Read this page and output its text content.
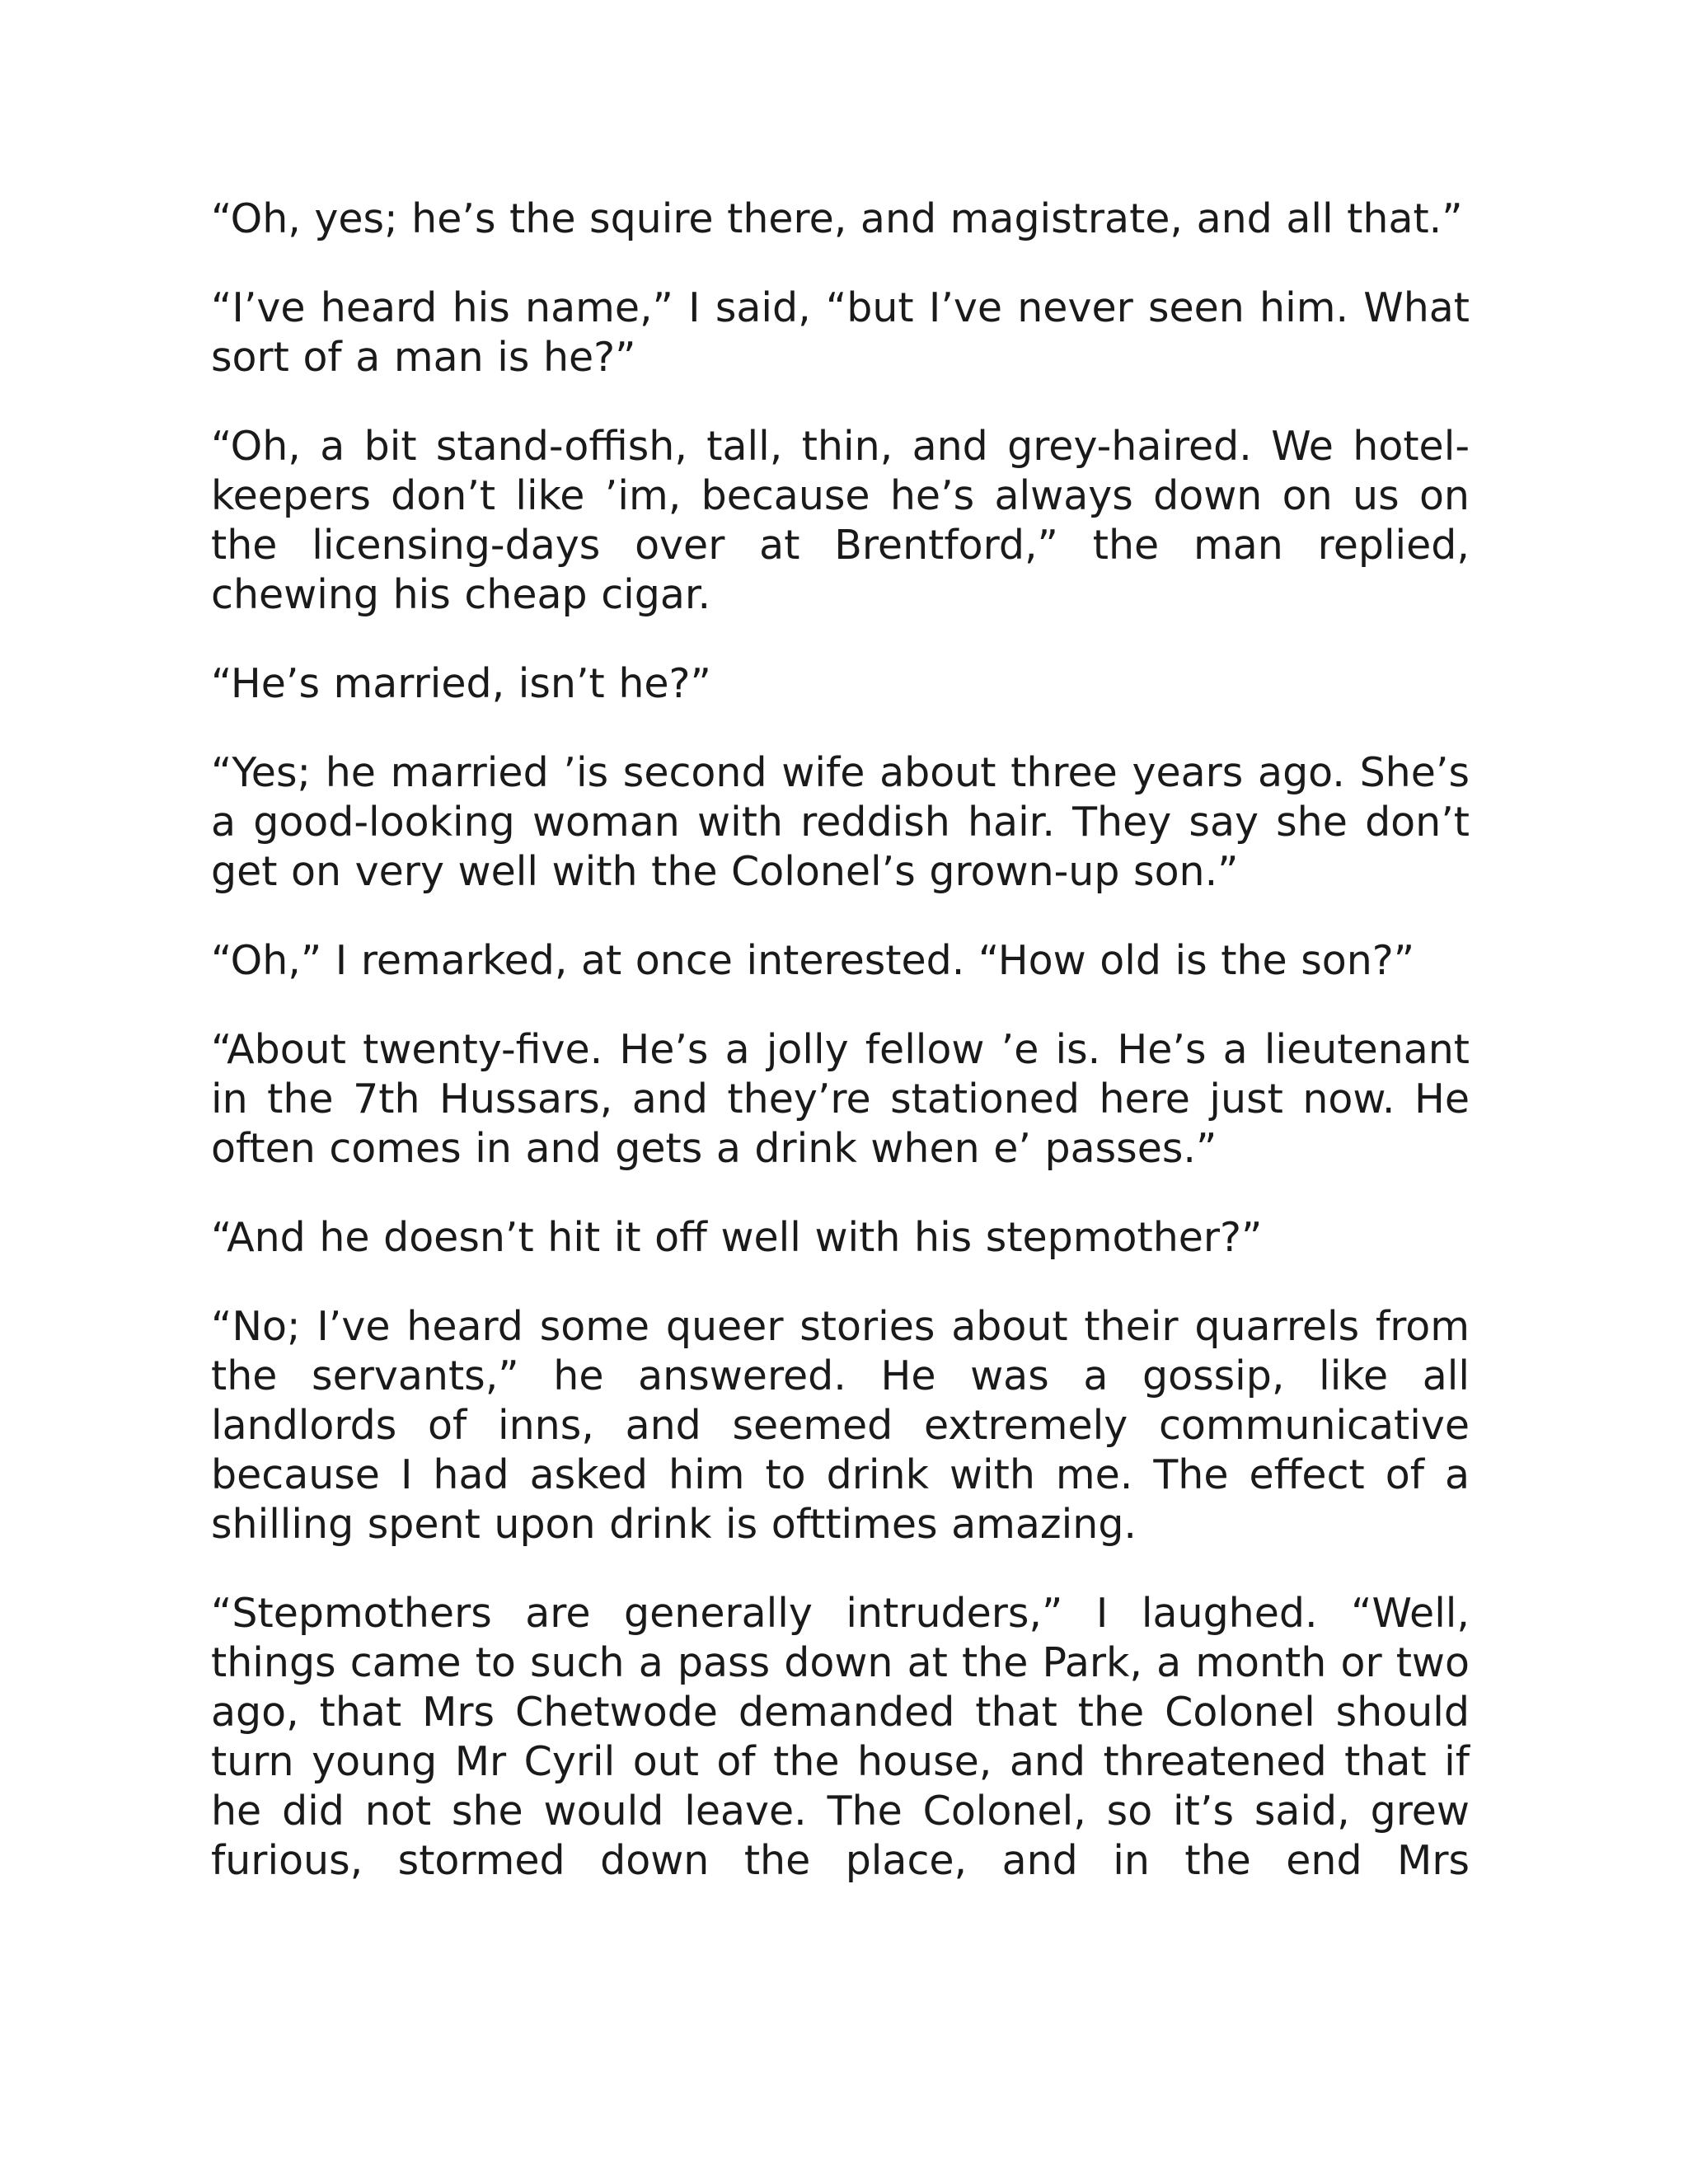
“Oh, yes; he’s the squire there, and magistrate, and all that.”

“I’ve heard his name,” I said, “but I’ve never seen him. What sort of a man is he?”

“Oh, a bit stand-offish, tall, thin, and grey-haired. We hotel-keepers don’t like ’im, because he’s always down on us on the licensing-days over at Brentford,” the man replied, chewing his cheap cigar.

“He’s married, isn’t he?”

“Yes; he married ’is second wife about three years ago. She’s a good-looking woman with reddish hair. They say she don’t get on very well with the Colonel’s grown-up son.”

“Oh,” I remarked, at once interested. “How old is the son?”

“About twenty-five. He’s a jolly fellow ’e is. He’s a lieutenant in the 7th Hussars, and they’re stationed here just now. He often comes in and gets a drink when e’ passes.”

“And he doesn’t hit it off well with his stepmother?”

“No; I’ve heard some queer stories about their quarrels from the servants,” he answered. He was a gossip, like all landlords of inns, and seemed extremely communicative because I had asked him to drink with me. The effect of a shilling spent upon drink is ofttimes amazing.

“Stepmothers are generally intruders,” I laughed. “Well, things came to such a pass down at the Park, a month or two ago, that Mrs Chetwode demanded that the Colonel should turn young Mr Cyril out of the house, and threatened that if he did not she would leave. The Colonel, so it’s said, grew furious, stormed down the place, and in the end Mrs
